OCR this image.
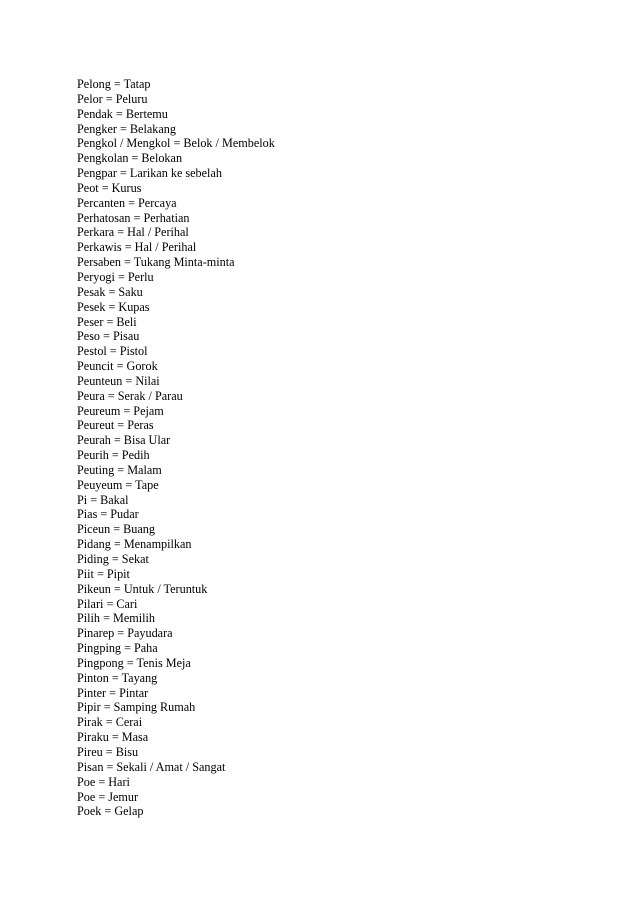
Pelong = Tatap
Pelor = Peluru
Pendak = Bertemu
Pengker = Belakang
Pengkol / Mengkol = Belok / Membelok
Pengkolan = Belokan
Pengpar = Larikan ke sebelah
Peot = Kurus
Percanten = Percaya
Perhatosan = Perhatian
Perkara = Hal / Perihal
Perkawis = Hal / Perihal
Persaben = Tukang Minta-minta
Peryogi = Perlu
Pesak = Saku
Pesek = Kupas
Peser = Beli
Peso = Pisau
Pestol = Pistol
Peuncit = Gorok
Peunteun = Nilai
Peura = Serak / Parau
Peureum = Pejam
Peureut = Peras
Peurah = Bisa Ular
Peurih = Pedih
Peuting = Malam
Peuyeum = Tape
Pi = Bakal
Pias = Pudar
Piceun = Buang
Pidang = Menampilkan
Piding = Sekat
Piit = Pipit
Pikeun = Untuk / Teruntuk
Pilari = Cari
Pilih = Memilih
Pinarep = Payudara
Pingping = Paha
Pingpong = Tenis Meja
Pinton = Tayang
Pinter = Pintar
Pipir = Samping Rumah
Pirak = Cerai
Piraku = Masa
Pireu = Bisu
Pisan = Sekali / Amat / Sangat
Poe = Hari
Poe = Jemur
Poek = Gelap
